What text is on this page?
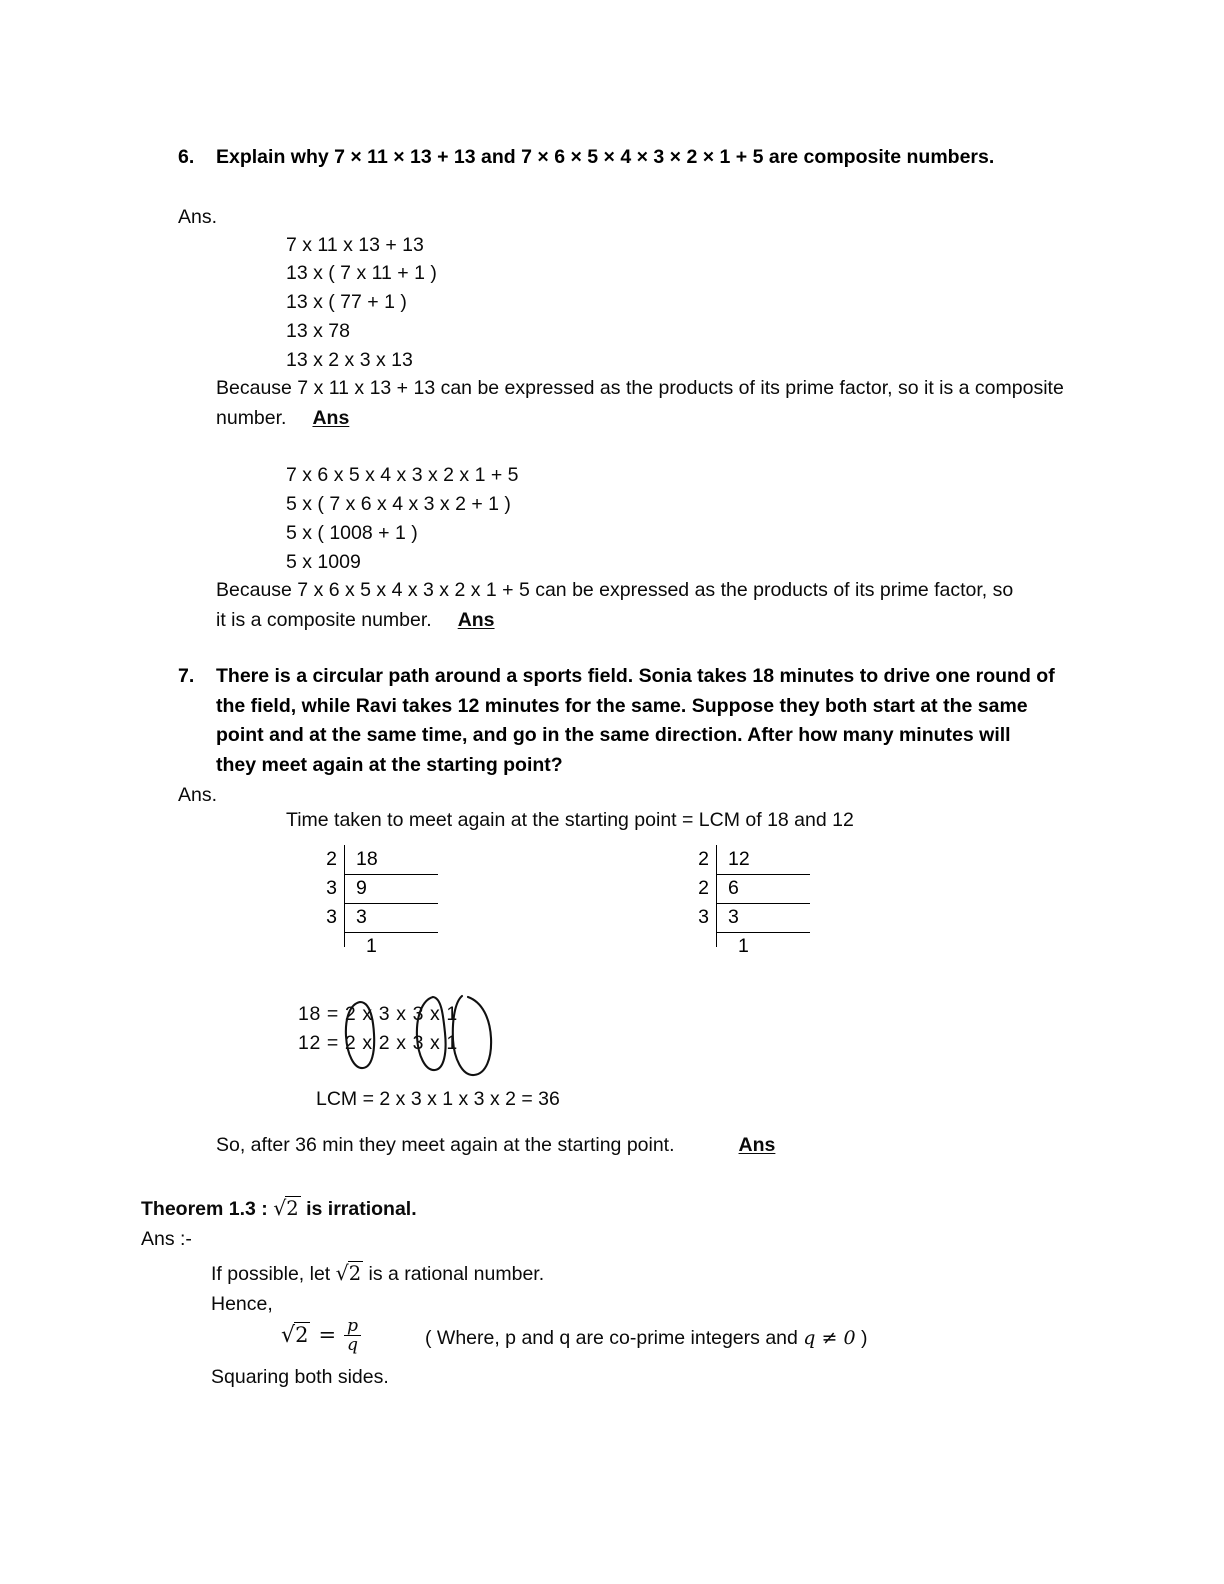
6. Explain why 7 × 11 × 13 + 13 and 7 × 6 × 5 × 4 × 3 × 2 × 1 + 5 are composite numbers.
Ans.
7 x 11 x 13 + 13
13 x ( 7 x 11 + 1 )
13 x ( 77 + 1 )
13 x 78
13 x 2 x 3 x 13
Because 7 x 11 x 13 + 13 can be expressed as the products of its prime factor, so it is a composite number. Ans
7 x 6 x 5 x 4 x 3 x 2 x 1 + 5
5 x ( 7 x 6 x 4 x 3 x 2 + 1 )
5 x ( 1008 + 1 )
5 x 1009
Because 7 x 6 x 5 x 4 x 3 x 2 x 1 + 5 can be expressed as the products of its prime factor, so it is a composite number. Ans
7. There is a circular path around a sports field. Sonia takes 18 minutes to drive one round of the field, while Ravi takes 12 minutes for the same. Suppose they both start at the same point and at the same time, and go in the same direction. After how many minutes will they meet again at the starting point?
Ans.
Time taken to meet again at the starting point = LCM of 18 and 12
2 18
3 9
3 3
1
2 12
2 6
3 3
1
18 = 2 x 3 x 3 x 1
12 = 2 x 2 x 3 x 1
LCM = 2 x 3 x 1 x 3 x 2 = 36
So, after 36 min they meet again at the starting point.	Ans
Theorem 1.3 : √2 is irrational.
Ans :-
If possible, let √2 is a rational number.
Hence,
$√2 = \frac{p}{q}$	( Where, p and q are co-prime integers and q ≠ 0 )
Squaring both sides.
